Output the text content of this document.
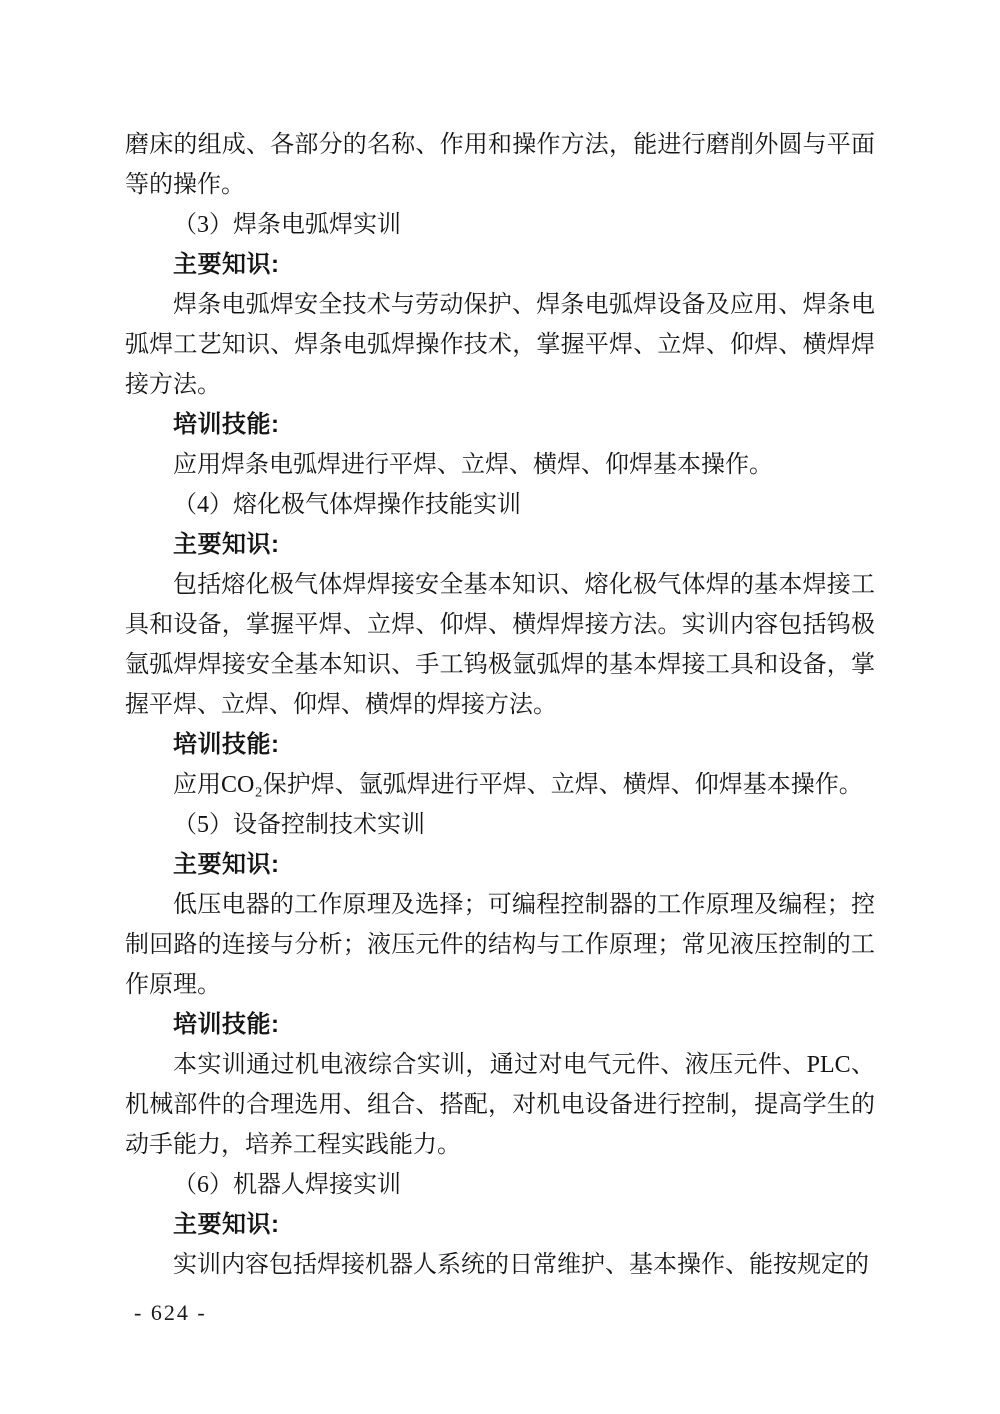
磨床的组成、各部分的名称、作用和操作方法，能进行磨削外圆与平面等的操作。

（3）焊条电弧焊实训

主要知识:

焊条电弧焊安全技术与劳动保护、焊条电弧焊设备及应用、焊条电弧焊工艺知识、焊条电弧焊操作技术，掌握平焊、立焊、仰焊、横焊焊接方法。

培训技能:

应用焊条电弧焊进行平焊、立焊、横焊、仰焊基本操作。

（4）熔化极气体焊操作技能实训

主要知识:

包括熔化极气体焊焊接安全基本知识、熔化极气体焊的基本焊接工具和设备，掌握平焊、立焊、仰焊、横焊焊接方法。实训内容包括钨极氩弧焊焊接安全基本知识、手工钨极氩弧焊的基本焊接工具和设备，掌握平焊、立焊、仰焊、横焊的焊接方法。

培训技能:

应用CO₂保护焊、氩弧焊进行平焊、立焊、横焊、仰焊基本操作。

（5）设备控制技术实训

主要知识:

低压电器的工作原理及选择；可编程控制器的工作原理及编程；控制回路的连接与分析；液压元件的结构与工作原理；常见液压控制的工作原理。

培训技能:

本实训通过机电液综合实训，通过对电气元件、液压元件、PLC、机械部件的合理选用、组合、搭配，对机电设备进行控制，提高学生的动手能力，培养工程实践能力。

（6）机器人焊接实训

主要知识:

实训内容包括焊接机器人系统的日常维护、基本操作、能按规定的

- 624 -
